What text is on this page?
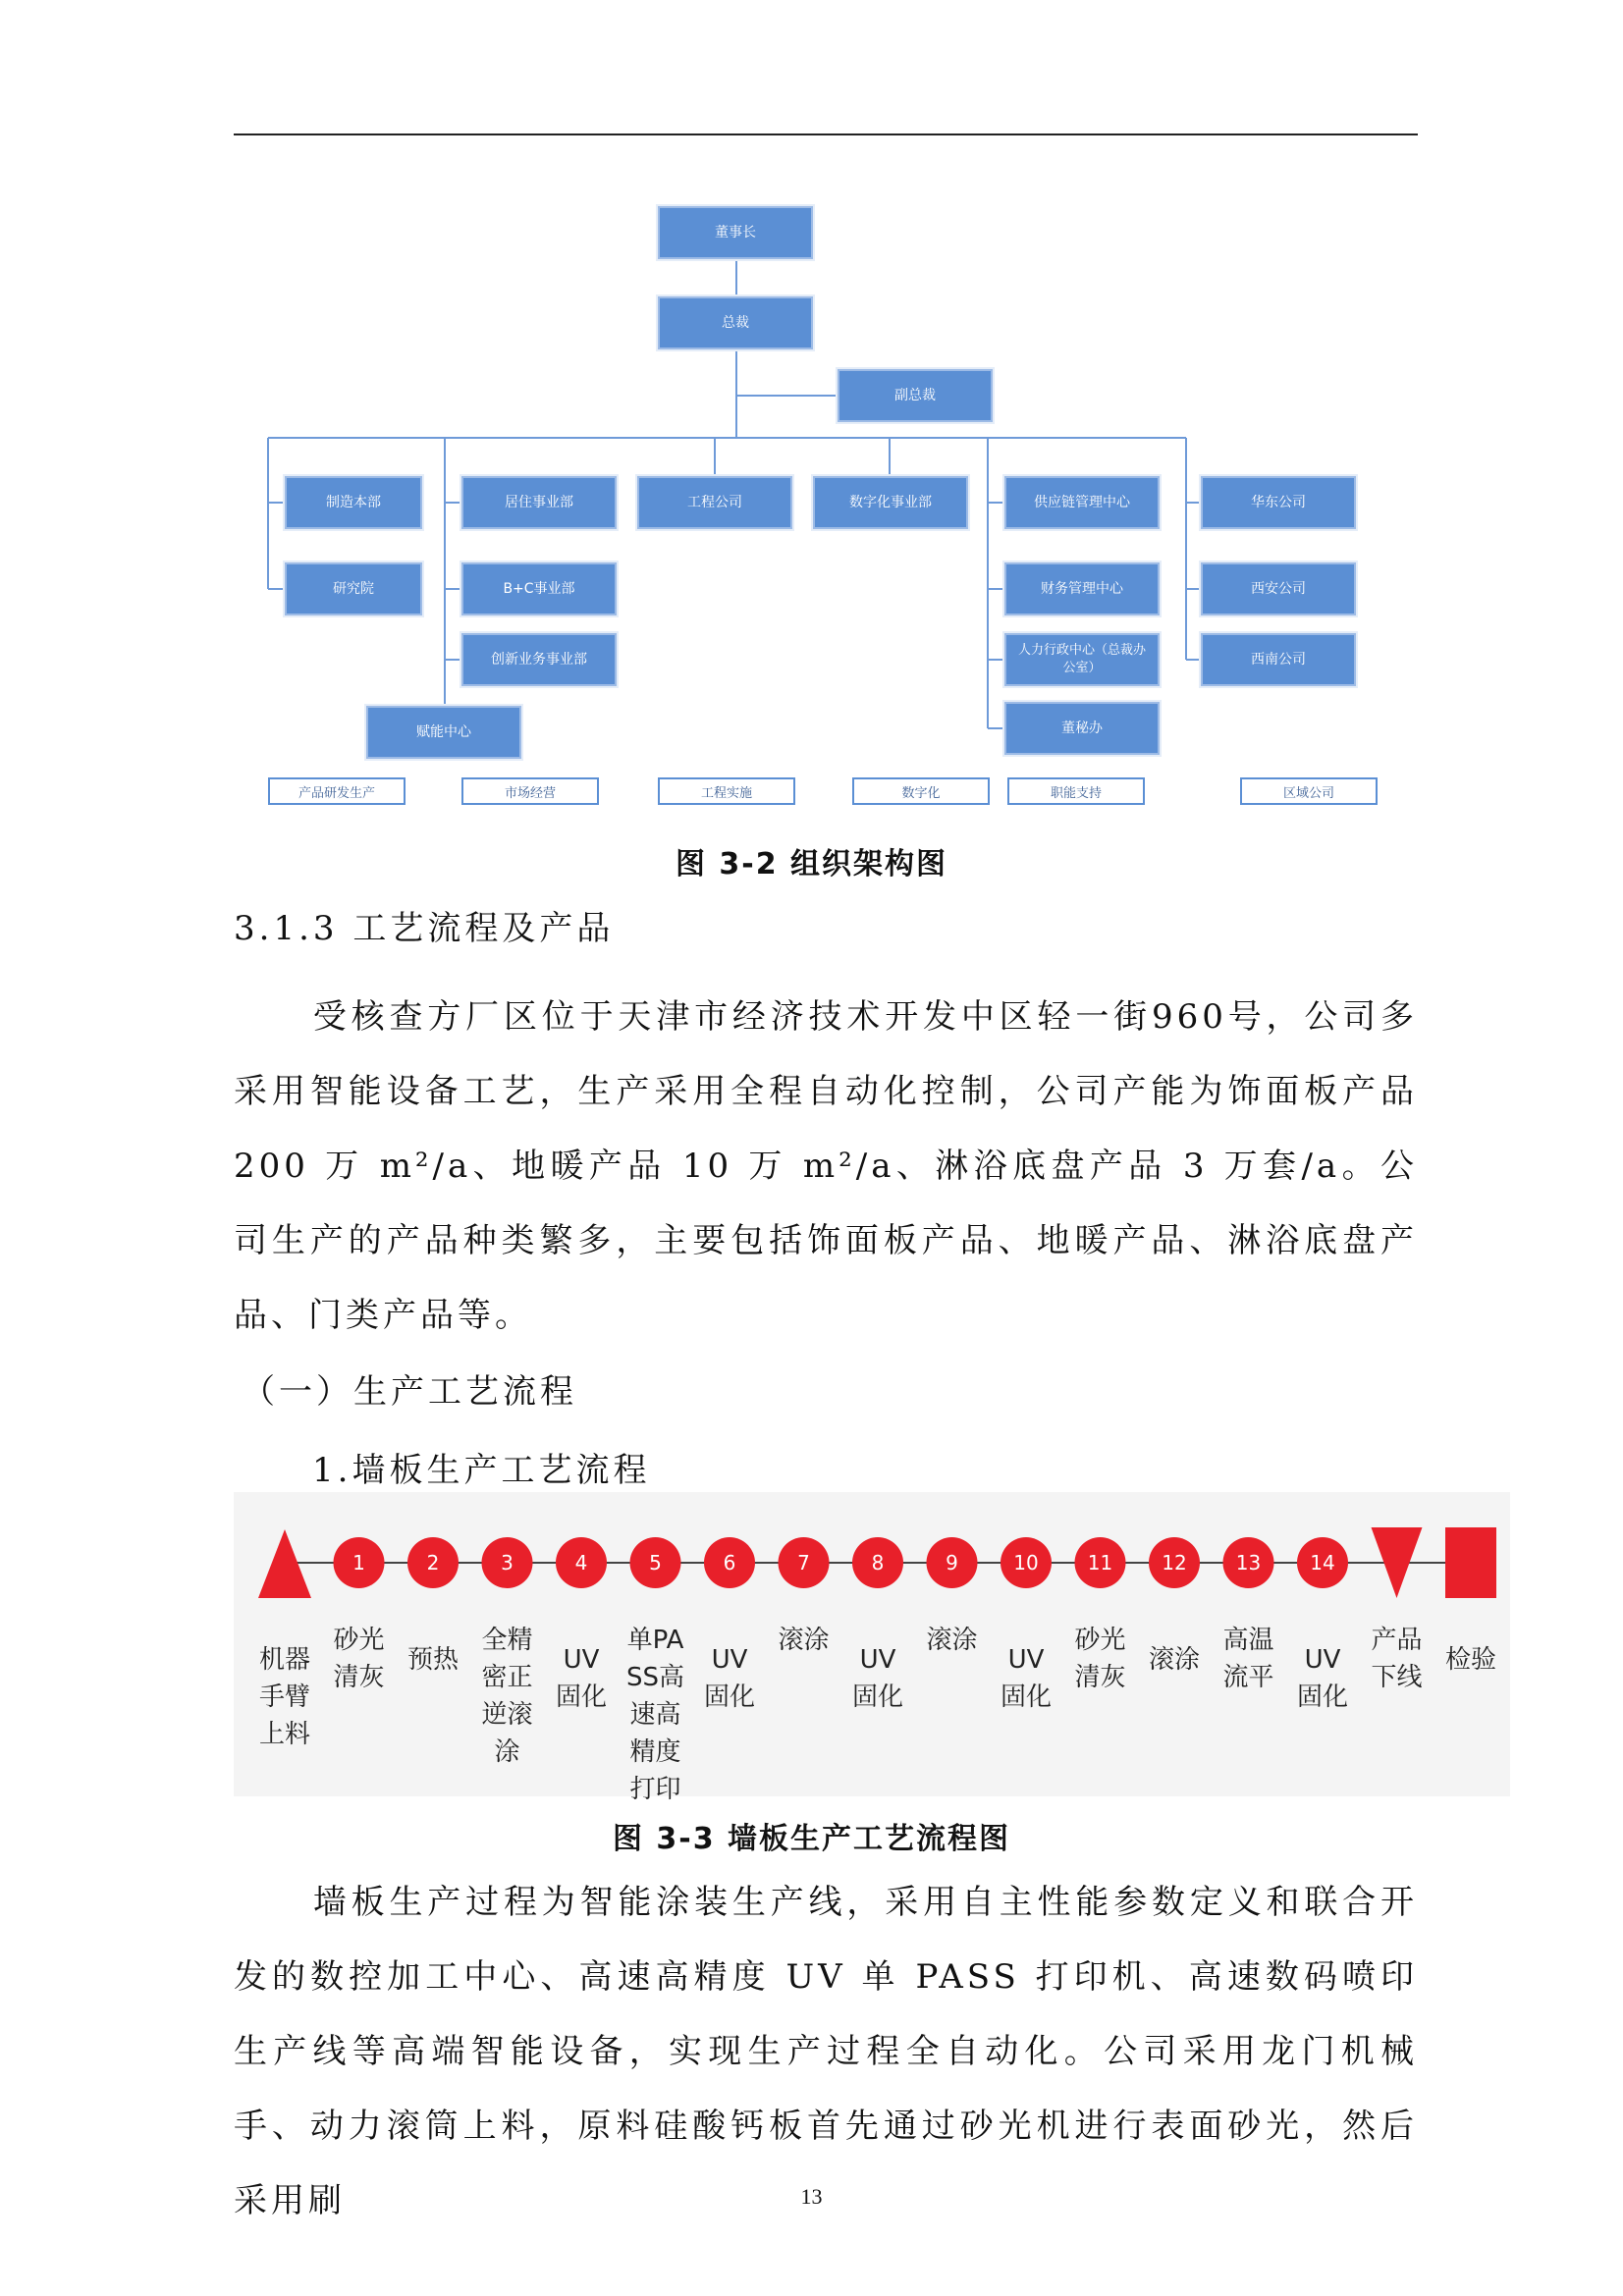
董事长
总裁
副总裁
制造本部
研究院
居住事业部
B+C事业部
创新业务事业部
赋能中心
工程公司	数字化事业部	供应链管理中心
财务管理中心
人力行政中心（总裁办公室）
董秘办
华东公司
西安公司
西南公司
产品研发生产	市场经营	工程实施	数字化	职能支持	区域公司
图 3-2 组织架构图
3.1.3 工艺流程及产品
受核查方厂区位于天津市经济技术开发中区轻一街960号，公司多采用智能设备工艺，生产采用全程自动化控制，公司产能为饰面板产品200 万 m²/a、地暖产品 10 万 m²/a、淋浴底盘产品 3 万套/a。公司生产的产品种类繁多，主要包括饰面板产品、地暖产品、淋浴底盘产品、门类产品等。
（一）生产工艺流程
1.墙板生产工艺流程
1	2	3	4	5	6	7	8	9	10	11	12	13	14
机器手臂上料
砂光清灰
预热
全精密正逆滚涂
UV固化
单PASS高速高精度打印
UV固化
滚涂
UV固化
滚涂
UV固化
砂光清灰
滚涂
高温流平
UV固化
产品下线
检验
图 3-3 墙板生产工艺流程图
墙板生产过程为智能涂装生产线，采用自主性能参数定义和联合开发的数控加工中心、高速高精度 UV 单 PASS 打印机、高速数码喷印生产线等高端智能设备，实现生产过程全自动化。公司采用龙门机械手、动力滚筒上料，原料硅酸钙板首先通过砂光机进行表面砂光，然后采用刷	13
